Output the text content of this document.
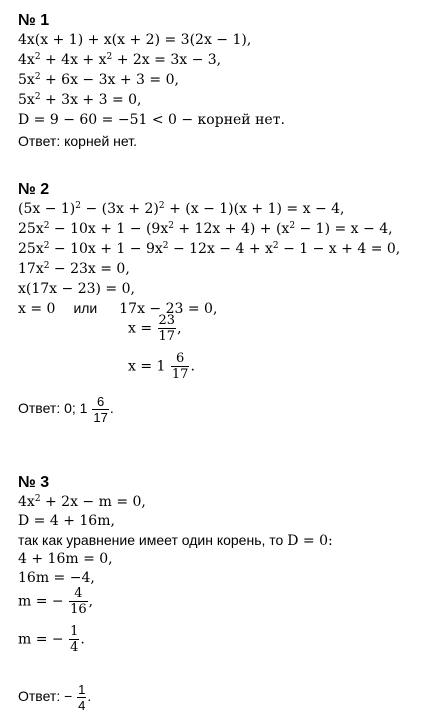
№ 1
4x(x + 1) + x(x + 2) = 3(2x − 1),
$4x^2 + 4x + x^2 + 2x = 3x - 3$,
$5x^2 + 6x - 3x + 3 = 0$,
$5x^2 + 3x + 3 = 0$,
D = 9 − 60 = −51 < 0 − корней нет.
Ответ: корней нет.
№ 2
$(5x - 1)^2 - (3x + 2)^2 + (x - 1)(x + 1) = x - 4$,
$25x^2 - 10x + 1 - (9x^2 + 12x + 4) + (x^2 - 1) = x - 4$,
$25x^2 - 10x + 1 - 9x^2 - 12x - 4 + x^2 - 1 - x + 4 = 0$,
$17x^2 - 23x = 0$,
x(17x − 23) = 0,
x = 0 или 17x − 23 = 0,
$x = \frac{23}{17}$ ,
$x = 1 \frac{6}{17}$ .
Ответ: 0; $1 \frac{6}{17}$ .
№ 3
$4x^2 + 2x - m = 0$,
D = 4 + 16m,
так как уравнение имеет один корень, то D = 0:
4 + 16m = 0,
16m = −4,
m = − $\frac{4}{16}$ ,
m = − $\frac{1}{4}$ .
Ответ: − $\frac{1}{4}$ .
